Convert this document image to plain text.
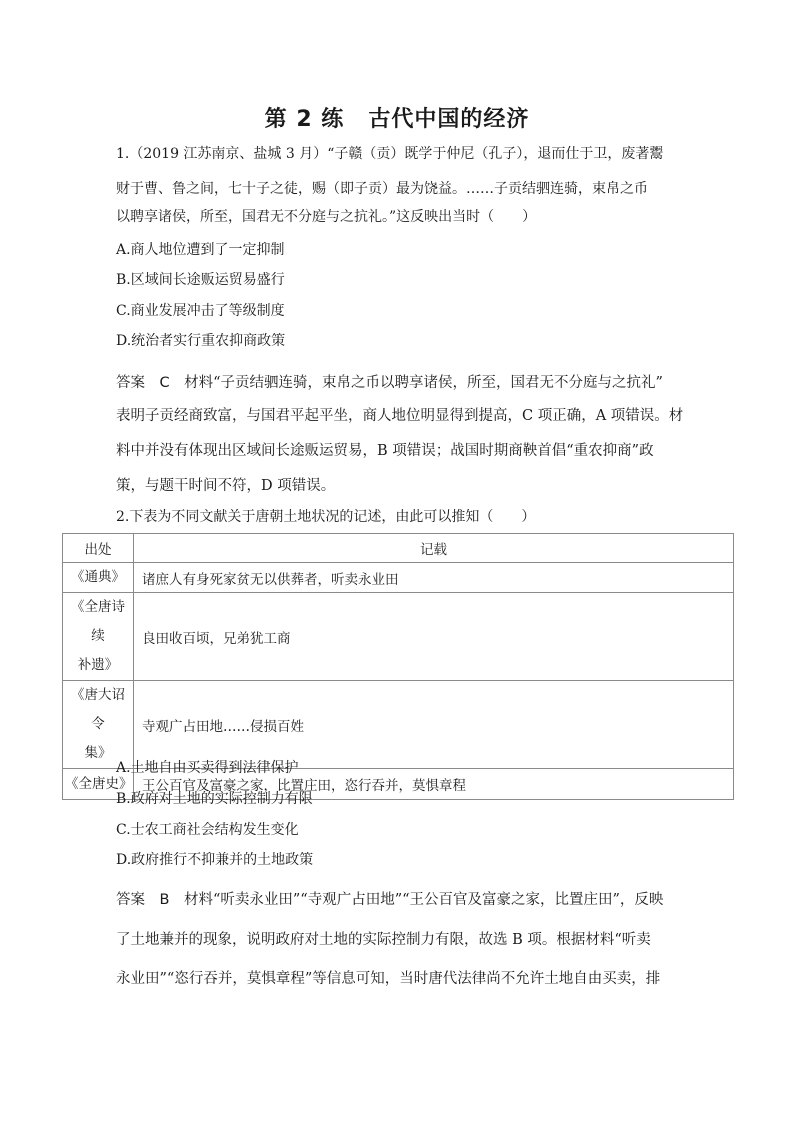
第 2 练 古代中国的经济
1.（2019 江苏南京、盐城 3 月）“子赣（贡）既学于仲尼（孔子），退而仕于卫，废著鬻
财于曹、鲁之间，七十子之徒，赐（即子贡）最为饶益。……子贡结驷连骑，束帛之币
以聘享诸侯，所至，国君无不分庭与之抗礼。”这反映出当时（　　）
A.商人地位遭到了一定抑制
B.区域间长途贩运贸易盛行
C.商业发展冲击了等级制度
D.统治者实行重农抑商政策
答案　C　材料“子贡结驷连骑，束帛之币以聘享诸侯，所至，国君无不分庭与之抗礼”
表明子贡经商致富，与国君平起平坐，商人地位明显得到提高，C 项正确，A 项错误。材
料中并没有体现出区域间长途贩运贸易，B 项错误；战国时期商鞅首倡“重农抑商”政
策，与题干时间不符，D 项错误。
2.下表为不同文献关于唐朝土地状况的记述，由此可以推知（　　）
出处	记载
《通典》	诸庶人有身死家贫无以供葬者，听卖永业田
《全唐诗续
补遗》	良田收百顷，兄弟犹工商
《唐大诏令
集》	寺观广占田地……侵损百姓
《全唐史》	王公百官及富豪之家，比置庄田，恣行吞并，莫惧章程
A.土地自由买卖得到法律保护
B.政府对土地的实际控制力有限
C.士农工商社会结构发生变化
D.政府推行不抑兼并的土地政策
答案　B　材料“听卖永业田”“寺观广占田地”“王公百官及富豪之家，比置庄田”，反映
了土地兼并的现象，说明政府对土地的实际控制力有限，故选 B 项。根据材料“听卖
永业田”“恣行吞并，莫惧章程”等信息可知，当时唐代法律尚不允许土地自由买卖，排
